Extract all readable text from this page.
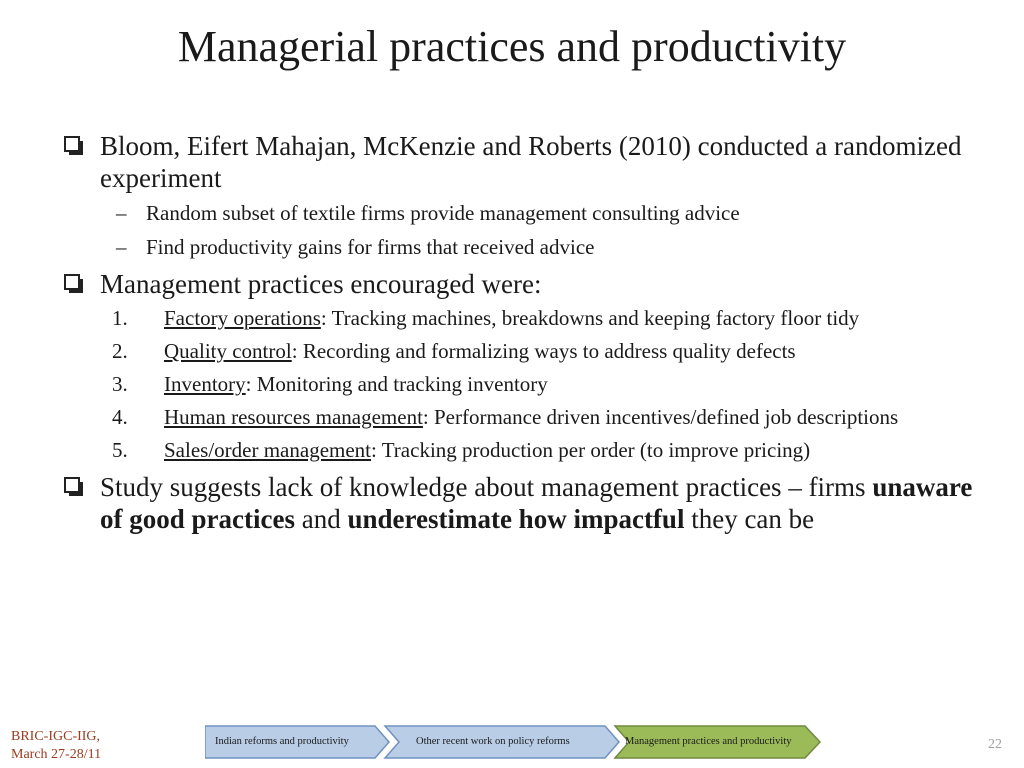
Managerial practices and productivity
Bloom, Eifert Mahajan, McKenzie and Roberts (2010) conducted a randomized experiment
– Random subset of textile firms provide management consulting advice
– Find productivity gains for firms that received advice
Management practices encouraged were:
1. Factory operations: Tracking machines, breakdowns and keeping factory floor tidy
2. Quality control: Recording and formalizing ways to address quality defects
3. Inventory: Monitoring and tracking inventory
4. Human resources management: Performance driven incentives/defined job descriptions
5. Sales/order management: Tracking production per order (to improve pricing)
Study suggests lack of knowledge about management practices – firms unaware of good practices and underestimate how impactful they can be
BRIC-IGC-IIG,
March 27-28/11
Indian reforms and productivity	Other recent work on policy reforms	Management practices and productivity	22
